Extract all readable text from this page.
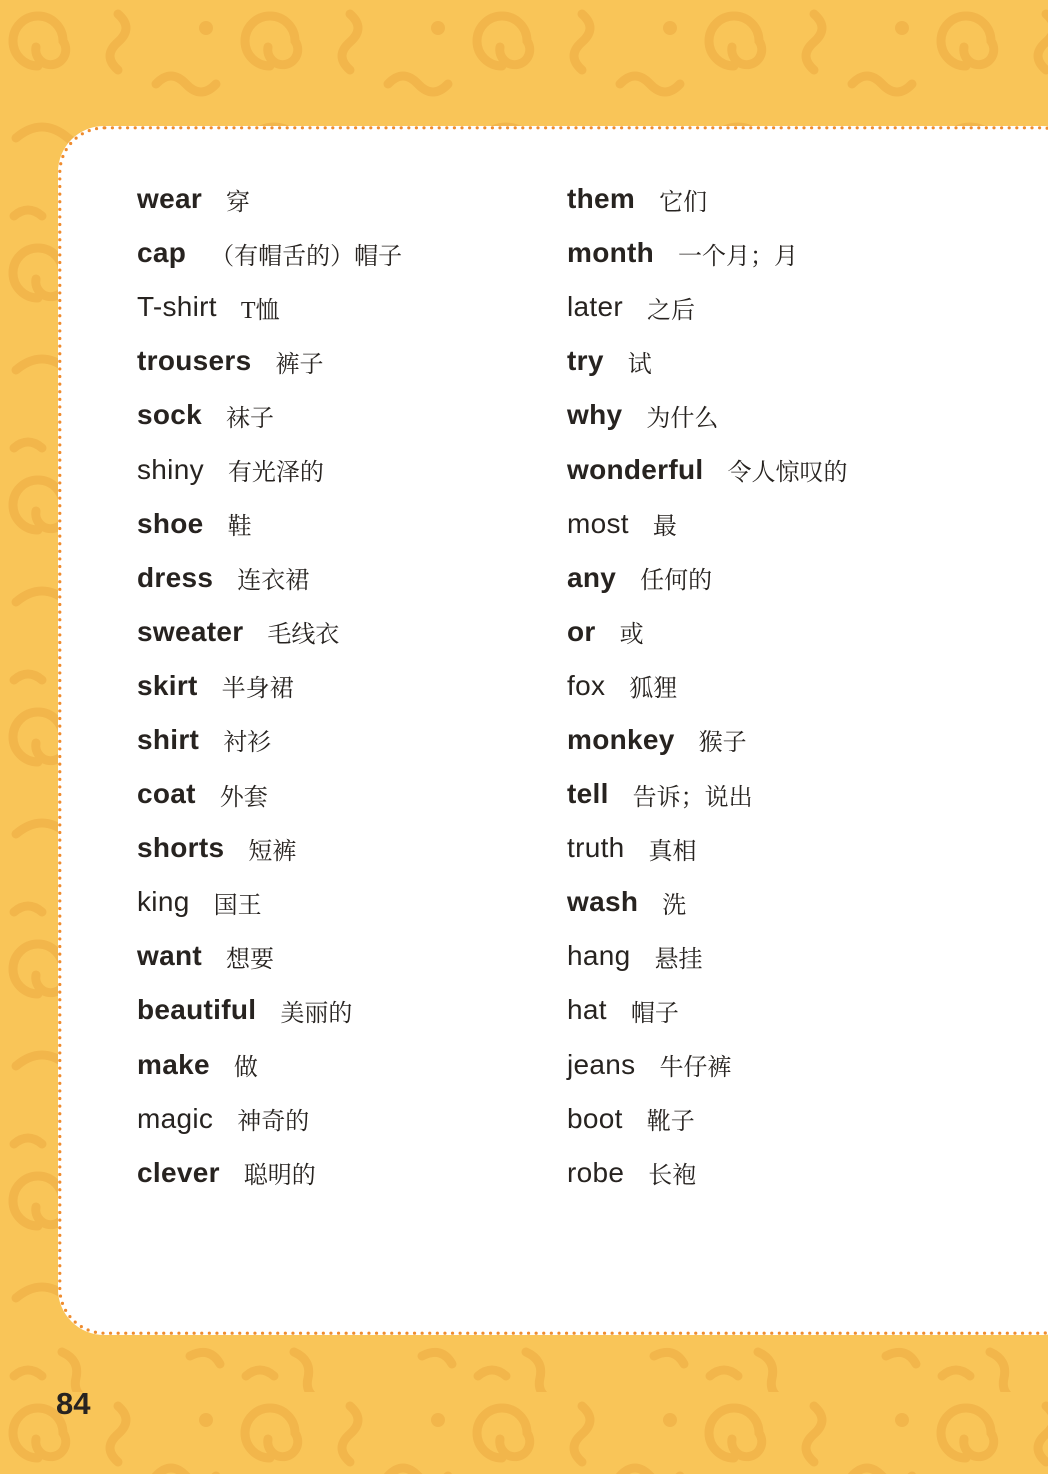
wear 穿
cap （有帽舌的）帽子
T-shirt T恤
trousers 裤子
sock 袜子
shiny 有光泽的
shoe 鞋
dress 连衣裙
sweater 毛线衣
skirt 半身裙
shirt 衬衫
coat 外套
shorts 短裤
king 国王
want 想要
beautiful 美丽的
make 做
magic 神奇的
clever 聪明的
them 它们
month 一个月；月
later 之后
try 试
why 为什么
wonderful 令人惊叹的
most 最
any 任何的
or 或
fox 狐狸
monkey 猴子
tell 告诉；说出
truth 真相
wash 洗
hang 悬挂
hat 帽子
jeans 牛仔裤
boot 靴子
robe 长袍
84
